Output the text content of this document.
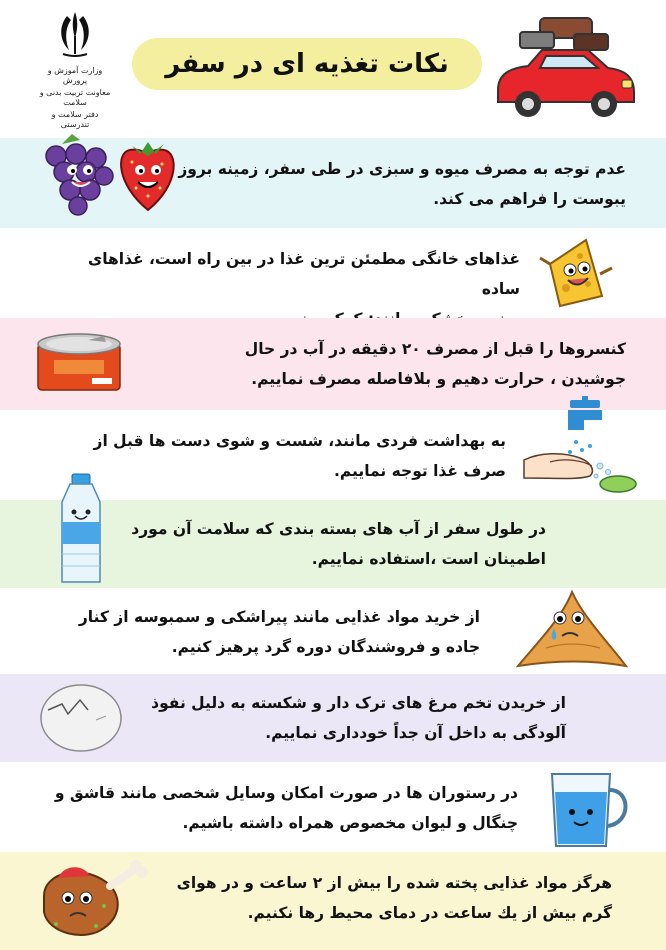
وزارت آموزش و پرورش
معاونت تربیت بدنی و سلامت
دفتر سلامت و تندرستی
نکات تغذیه ای در سفر
عدم توجه به مصرف میوه و سبزی در طی سفر، زمینه بروز
یبوست را فراهم می کند.
غذاهای خانگی مطمئن ترین غذا در بین راه است، غذاهای ساده
کنسروها را قبل از مصرف ۲۰ دقیقه در آب در حال
جوشیدن ، حرارت دهیم و بلافاصله مصرف نماییم.
به بهداشت فردی مانند، شست و شوی دست ها قبل از
صرف غذا توجه نماییم.
در طول سفر از آب های بسته بندی که سلامت آن مورد
اطمینان است ،استفاده نماییم.
از خرید مواد غذایی مانند پیراشکی و سمبوسه از کنار
جاده و فروشندگان دوره گرد پرهیز کنیم.
از خریدن تخم مرغ های ترک دار و شکسته به دلیل نفوذ
آلودگی به داخل آن جداً خودداری نماییم.
در رستوران ها در صورت امکان وسایل شخصی مانند قاشق و
چنگال و لیوان مخصوص همراه داشته باشیم.
هرگز مواد غذایی پخته شده را بیش از ۲ ساعت و در هوای
گرم بیش از یك ساعت در دمای محیط رها نکنیم.
